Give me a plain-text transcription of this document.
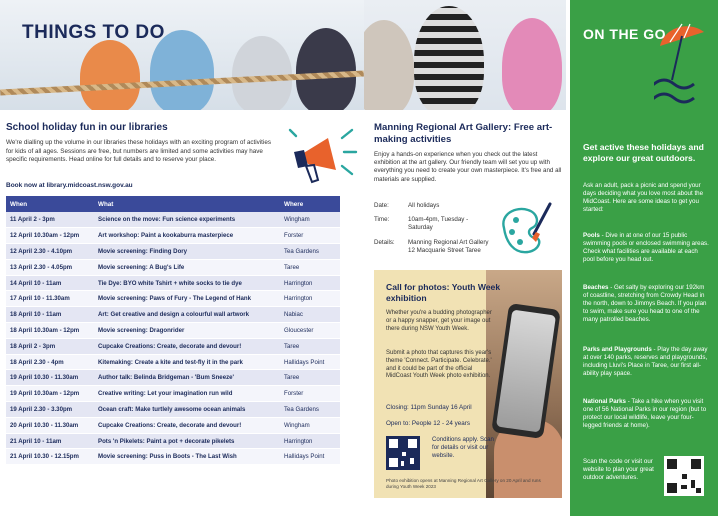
THINGS TO DO
School holiday fun in our libraries

We're dialling up the volume in our libraries these holidays with an exciting program of activities for kids of all ages. Sessions are free, but numbers are limited and some activities may have specific requirements. Head online for full details and to reserve your place.

Book now at library.midcoast.nsw.gov.au
When	What	Where
11 April 2 - 3pm	Science on the move: Fun science experiments	Wingham
12 April 10.30am - 12pm	Art workshop: Paint a kookaburra masterpiece	Forster
12 April 2.30 - 4.10pm	Movie screening: Finding Dory	Tea Gardens
13 April 2.30 - 4.05pm	Movie screening: A Bug's Life	Taree
14 April 10 - 11am	Tie Dye: BYO white Tshirt + white socks to tie dye	Harrington
17 April 10 - 11.30am	Movie screening: Paws of Fury - The Legend of Hank	Harrington
18 April 10 - 11am	Art: Get creative and design a colourful wall artwork	Nabiac
18 April 10.30am - 12pm	Movie screening: Dragonrider	Gloucester
18 April 2 - 3pm	Cupcake Creations: Create, decorate and devour!	Taree
18 April 2.30 - 4pm	Kitemaking: Create a kite and test-fly it in the park	Hallidays Point
19 April 10.30 - 11.30am	Author talk: Belinda Bridgeman - 'Bum Sneeze'	Taree
19 April 10.30am - 12pm	Creative writing: Let your imagination run wild	Forster
19 April 2.30 - 3.30pm	Ocean craft: Make turtlely awesome ocean animals	Tea Gardens
20 April 10.30 - 11.30am	Cupcake Creations: Create, decorate and devour!	Wingham
21 April 10 - 11am	Pots 'n Pikelets: Paint a pot + decorate pikelets	Harrington
21 April 10.30 - 12.15pm	Movie screening: Puss in Boots - The Last Wish	Hallidays Point
Manning Regional Art Gallery: Free art-making activities

Enjoy a hands-on experience when you check out the latest exhibition at the art gallery. Our friendly team will set you up with everything you need to create your own masterpiece. It's free and all materials are supplied.

Date:	All holidays
Time:	10am-4pm, Tuesday - Saturday
Details: Manning Regional Art Gallery 12 Macquarie Street Taree
Call for photos: Youth Week exhibition
Whether you're a budding photographer or a happy snapper, get your image out there during NSW Youth Week.
Submit a photo that captures this year's theme 'Connect. Participate. Celebrate.' and it could be part of the official MidCoast Youth Week photo exhibition.
Closing: 11pm Sunday 16 April
Open to: People 12 - 24 years
Conditions apply. Scan for details or visit our website.
Photo exhibition opens at Manning Regional Art Gallery on 20 April and runs during Youth Week 2023
ON THE GO
Get active these holidays and explore our great outdoors.

Ask an adult, pack a picnic and spend your days deciding what you love most about the MidCoast. Here are some ideas to get you started:

Pools - Dive in at one of our 15 public swimming pools or enclosed swimming areas. Check what facilities are available at each pool before you head out.

Beaches - Get salty by exploring our 192km of coastline, stretching from Crowdy Head in the north, down to Jimmys Beach. If you plan to swim, make sure you head to one of the many patrolled beaches.

Parks and Playgrounds - Play the day away at over 140 parks, reserves and playgrounds, including Lluvi's Place in Taree, our first all-ability play space.

National Parks - Take a hike when you visit one of 56 National Parks in our region (but to protect our local wildlife, leave your four-legged friends at home).

Scan the code or visit our website to plan your great outdoor adventures.
